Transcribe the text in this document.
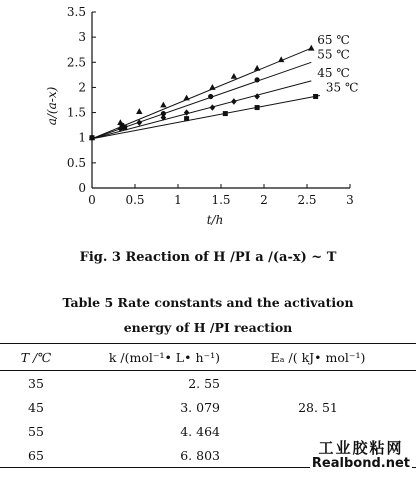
0 0.5 1 1.5 2 2.5 3
0
0.5
1
1.5
2
2.5
3
3.5
t/h
a/(a-x)
65 ℃
55 ℃
45 ℃
35 ℃
Fig. 3 Reaction of H /PI a /(a-x) ~ T
Table 5 Rate constants and the activation
energy of H /PI reaction
T /℃	k /(mol⁻¹• L• h⁻¹)	Eₐ /( kJ• mol⁻¹)
35	2. 55	
45	3. 079	28. 51
55	4. 464	
65	6. 803		工业胶粘网
Realbond.net
